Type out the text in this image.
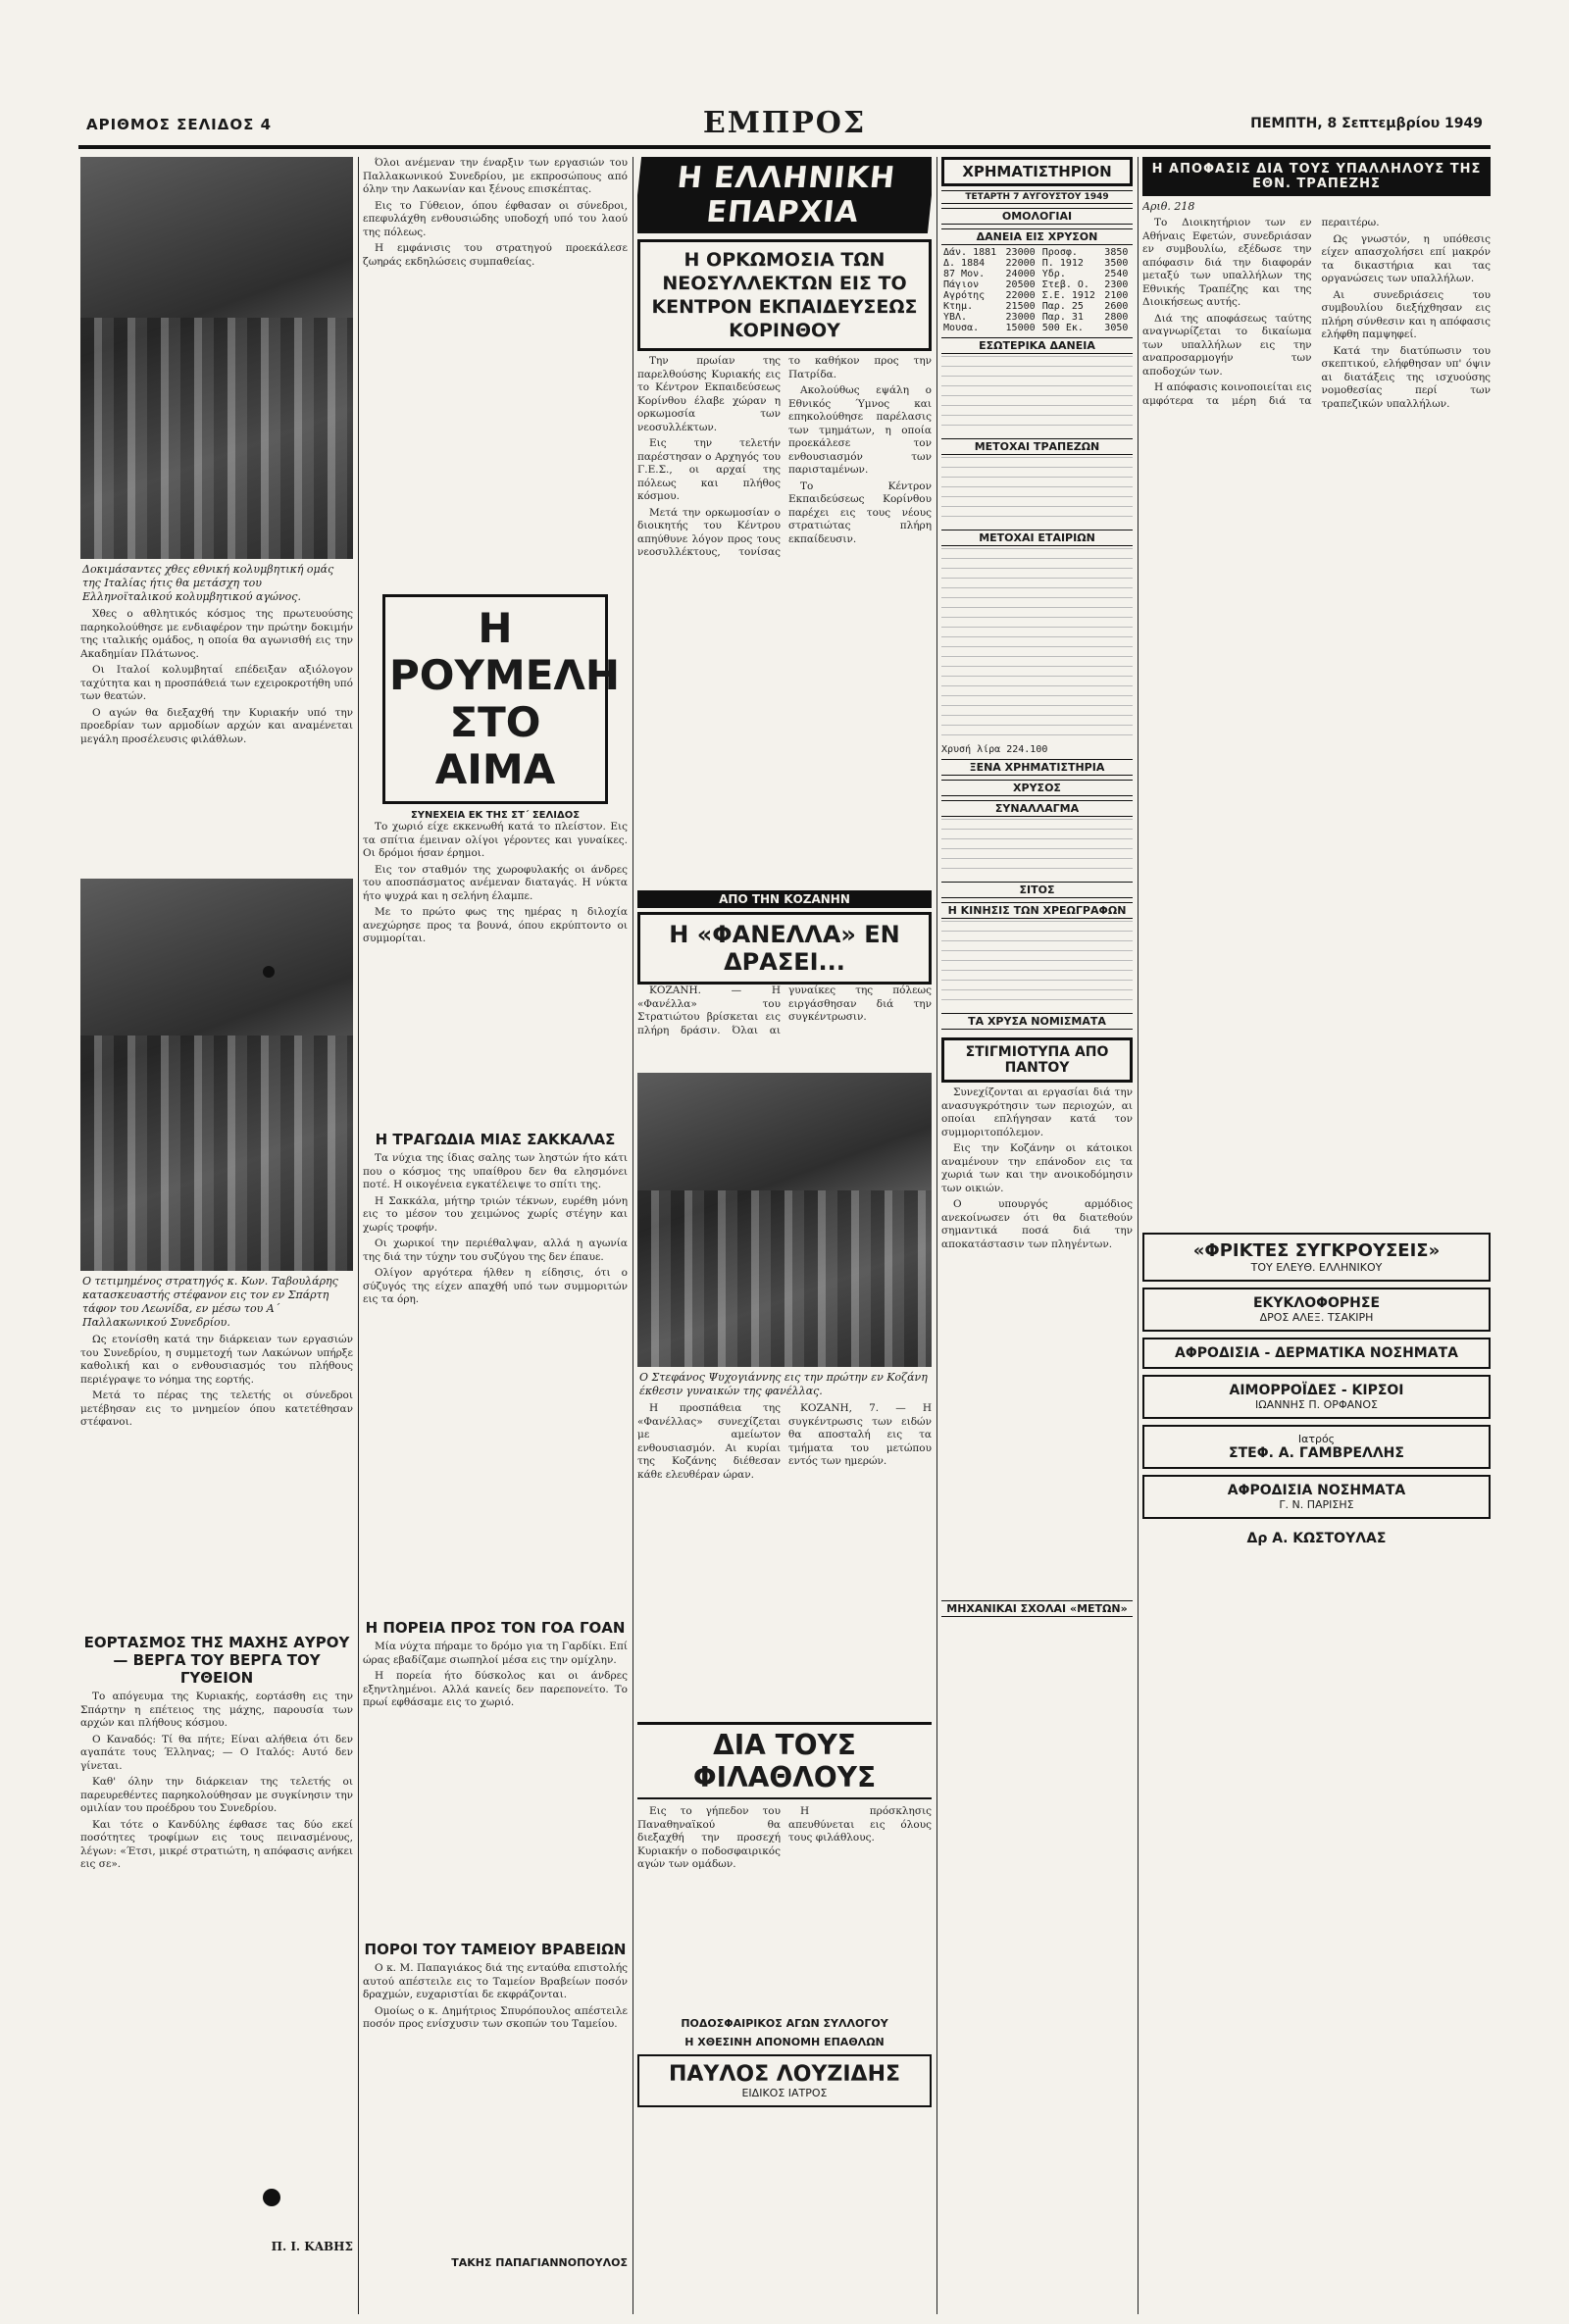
ΑΡΙΘΜΟΣ ΣΕΛΙΔΟΣ 4	ΕΜΠΡΟΣ	ΠΕΜΠΤΗ, 8 Σεπτεμβρίου 1949
Δοκιμάσαντες χθες εθνική κολυμβητική ομάς της Ιταλίας ήτις θα μετάσχη του Ελληνοϊταλικού κολυμβητικού αγώνος.

Χθες ο αθλητικός κόσμος της πρωτευούσης παρηκολούθησε με ενδιαφέρον την πρώτην δοκιμήν της ιταλικής ομάδος, η οποία θα αγωνισθή εις την Ακαδημίαν Πλάτωνος.

Οι Ιταλοί κολυμβηταί επέδειξαν αξιόλογον ταχύτητα και η προσπάθειά των εχειροκροτήθη υπό των θεατών.

Ο αγών θα διεξαχθή την Κυριακήν υπό την προεδρίαν των αρμοδίων αρχών και αναμένεται μεγάλη προσέλευσις φιλάθλων.

Ο τετιμημένος στρατηγός κ. Κων. Ταβουλάρης κατασκευαστής στέφανον εις τον εν Σπάρτη τάφον του Λεωνίδα, εν μέσω του Α΄ Παλλακωνικού Συνεδρίου.

Ως ετονίσθη κατά την διάρκειαν των εργασιών του Συνεδρίου, η συμμετοχή των Λακώνων υπήρξε καθολική και ο ενθουσιασμός του πλήθους περιέγραψε το νόημα της εορτής.

Μετά το πέρας της τελετής οι σύνεδροι μετέβησαν εις το μνημείον όπου κατετέθησαν στέφανοι.

ΕΟΡΤΑΣΜΟΣ ΤΗΣ ΜΑΧΗΣ ΑΥΡΟΥ — ΒΕΡΓΑ ΤΟΥ ΒΕΡΓΑ ΤΟΥ ΓΥΘΕΙΟΝ

Το απόγευμα της Κυριακής, εορτάσθη εις την Σπάρτην η επέτειος της μάχης, παρουσία των αρχών και πλήθους κόσμου.

Ο Καναδός: Τί θα πήτε; Είναι αλήθεια ότι δεν αγαπάτε τους Έλληνας; — Ο Ιταλός: Αυτό δεν γίνεται.

Καθ' όλην την διάρκειαν της τελετής οι παρευρεθέντες παρηκολούθησαν με συγκίνησιν την ομιλίαν του προέδρου του Συνεδρίου.

Και τότε ο Κανδύλης έφθασε τας δύο εκεί ποσότητες τροφίμων εις τους πεινασμένους, λέγων: «Έτσι, μικρέ στρατιώτη, η απόφασις ανήκει εις σε».

Π. Ι. ΚΑΒΗΣ

Όλοι ανέμεναν την έναρξιν των εργασιών του Παλλακωνικού Συνεδρίου, με εκπροσώπους από όλην την Λακωνίαν και ξένους επισκέπτας.

Εις το Γύθειον, όπου έφθασαν οι σύνεδροι, επεφυλάχθη ενθουσιώδης υποδοχή υπό του λαού της πόλεως.

Η εμφάνισις του στρατηγού προεκάλεσε ζωηράς εκδηλώσεις συμπαθείας.

Η ΡΟΥΜΕΛΗ ΣΤΟ ΑΙΜΑ
ΣΥΝΕΧΕΙΑ ΕΚ ΤΗΣ ΣΤ΄ ΣΕΛΙΔΟΣ

Το χωριό είχε εκκενωθή κατά το πλείστον. Εις τα σπίτια έμειναν ολίγοι γέροντες και γυναίκες. Οι δρόμοι ήσαν έρημοι.

Εις τον σταθμόν της χωροφυλακής οι άνδρες του αποσπάσματος ανέμεναν διαταγάς. Η νύκτα ήτο ψυχρά και η σελήνη έλαμπε.

Με το πρώτο φως της ημέρας η διλοχία ανεχώρησε προς τα βουνά, όπου εκρύπτοντο οι συμμορίται.

Η ΤΡΑΓΩΔΙΑ ΜΙΑΣ ΣΑΚΚΑΛΑΣ

Τα νύχια της ίδιας σαλης των ληστών ήτο κάτι που ο κόσμος της υπαίθρου δεν θα ελησμόνει ποτέ. Η οικογένεια εγκατέλειψε το σπίτι της.

Η Σακκάλα, μήτηρ τριών τέκνων, ευρέθη μόνη εις το μέσον του χειμώνος χωρίς στέγην και χωρίς τροφήν.

Οι χωρικοί την περιέθαλψαν, αλλά η αγωνία της διά την τύχην του συζύγου της δεν έπαυε.

Ολίγον αργότερα ήλθεν η είδησις, ότι ο σύζυγός της είχεν απαχθή υπό των συμμοριτών εις τα όρη.

Η ΠΟΡΕΙΑ ΠΡΟΣ ΤΟΝ ΓΟΑ ΓΟΑΝ

Μία νύχτα πήραμε το δρόμο για τη Γαρδίκι. Επί ώρας εβαδίζαμε σιωπηλοί μέσα εις την ομίχλην.

Η πορεία ήτο δύσκολος και οι άνδρες εξηντλημένοι. Αλλά κανείς δεν παρεπονείτο. Το πρωί εφθάσαμε εις το χωριό.

ΠΟΡΟΙ ΤΟΥ ΤΑΜΕΙΟΥ ΒΡΑΒΕΙΩΝ

Ο κ. Μ. Παπαγιάκος διά της ενταύθα επιστολής αυτού απέστειλε εις το Ταμείον Βραβείων ποσόν δραχμών, ευχαριστίαι δε εκφράζονται.

Ομοίως ο κ. Δημήτριος Σπυρόπουλος απέστειλε ποσόν προς ενίσχυσιν των σκοπών του Ταμείου.

ΤΑΚΗΣ ΠΑΠΑΓΙΑΝΝΟΠΟΥΛΟΣ
Η ΕΛΛΗΝΙΚΗ ΕΠΑΡΧΙΑ
Η ΟΡΚΩΜΟΣΙΑ ΤΩΝ ΝΕΟΣΥΛΛΕΚΤΩΝ ΕΙΣ ΤΟ ΚΕΝΤΡΟΝ ΕΚΠΑΙΔΕΥΣΕΩΣ ΚΟΡΙΝΘΟΥ

Την πρωίαν της παρελθούσης Κυριακής εις το Κέντρον Εκπαιδεύσεως Κορίνθου έλαβε χώραν η ορκωμοσία των νεοσυλλέκτων.

Εις την τελετήν παρέστησαν ο Αρχηγός του Γ.Ε.Σ., οι αρχαί της πόλεως και πλήθος κόσμου.

Μετά την ορκωμοσίαν ο διοικητής του Κέντρου απηύθυνε λόγον προς τους νεοσυλλέκτους, τονίσας το καθήκον προς την Πατρίδα.

Ακολούθως εψάλη ο Εθνικός Ύμνος και επηκολούθησε παρέλασις των τμημάτων, η οποία προεκάλεσε τον ενθουσιασμόν των παρισταμένων.

Το Κέντρον Εκπαιδεύσεως Κορίνθου παρέχει εις τους νέους στρατιώτας πλήρη εκπαίδευσιν.

ΑΠΟ ΤΗΝ ΚΟΖΑΝΗΝ
Η «ΦΑΝΕΛΛΑ» ΕΝ ΔΡΑΣΕΙ...

ΚΟΖΑΝΗ. — Η «Φανέλλα» του Στρατιώτου βρίσκεται εις πλήρη δράσιν. Όλαι αι γυναίκες της πόλεως ειργάσθησαν διά την συγκέντρωσιν.

Ο Στεφάνος Ψυχογιάννης εις την πρώτην εν Κοζάνη έκθεσιν γυναικών της φανέλλας.

Η προσπάθεια της «Φανέλλας» συνεχίζεται με αμείωτον ενθουσιασμόν. Αι κυρίαι της Κοζάνης διέθεσαν κάθε ελευθέραν ώραν.

ΚΟΖΑΝΗ, 7. — Η συγκέντρωσις των ειδών θα αποσταλή εις τα τμήματα του μετώπου εντός των ημερών.

ΔΙΑ ΤΟΥΣ ΦΙΛΑΘΛΟΥΣ

Εις το γήπεδον του Παναθηναϊκού θα διεξαχθή την προσεχή Κυριακήν ο ποδοσφαιρικός αγών των ομάδων.

Η πρόσκλησις απευθύνεται εις όλους τους φιλάθλους.

ΠΟΔΟΣΦΑΙΡΙΚΟΣ ΑΓΩΝ ΣΥΛΛΟΓΟΥ
Η ΧΘΕΣΙΝΗ ΑΠΟΝΟΜΗ ΕΠΑΘΛΩΝ
ΠΑΥΛΟΣ ΛΟΥΖΙΔΗΣ
ΕΙΔΙΚΟΣ ΙΑΤΡΟΣ
ΧΡΗΜΑΤΙΣΤΗΡΙΟΝ
ΤΕΤΑΡΤΗ 7 ΑΥΓΟΥΣΤΟΥ 1949
ΟΜΟΛΟΓΙΑΙ
ΔΑΝΕΙΑ ΕΙΣ ΧΡΥΣΟΝ
Δάν. 1881	23000	Προσφ.	3850
Δ. 1884	22000	Π. 1912	3500
87 Μον.	24000	Υδρ.	2540
Πάγιον	20500	Στεβ. Ο.	2300
Αγρότης	22000	Σ.Ε. 1912	2100
Κτημ.	21500	Παρ. 25	2600
ΥΒΛ.	23000	Παρ. 31	2800
Μουσα.	15000	500 Εκ.	3050
ΕΣΩΤΕΡΙΚΑ ΔΑΝΕΙΑ
ΜΕΤΟΧΑΙ ΤΡΑΠΕΖΩΝ
ΜΕΤΟΧΑΙ ΕΤΑΙΡΙΩΝ
Χρυσή λίρα 224.100
ΞΕΝΑ ΧΡΗΜΑΤΙΣΤΗΡΙΑ
ΧΡΥΣΟΣ
ΣΥΝΑΛΛΑΓΜΑ
ΣΙΤΟΣ
Η ΚΙΝΗΣΙΣ ΤΩΝ ΧΡΕΩΓΡΑΦΩΝ
ΤΑ ΧΡΥΣΑ ΝΟΜΙΣΜΑΤΑ
ΣΤΙΓΜΙΟΤΥΠΑ ΑΠΟ ΠΑΝΤΟΥ

Συνεχίζονται αι εργασίαι διά την ανασυγκρότησιν των περιοχών, αι οποίαι επλήγησαν κατά τον συμμοριτοπόλεμον.

Εις την Κοζάνην οι κάτοικοι αναμένουν την επάνοδον εις τα χωριά των και την ανοικοδόμησιν των οικιών.

Ο υπουργός αρμόδιος ανεκοίνωσεν ότι θα διατεθούν σημαντικά ποσά διά την αποκατάστασιν των πληγέντων.

ΜΗΧΑΝΙΚΑΙ ΣΧΟΛΑΙ «ΜΕΤΩΝ»
Η ΑΠΟΦΑΣΙΣ ΔΙΑ ΤΟΥΣ ΥΠΑΛΛΗΛΟΥΣ ΤΗΣ ΕΘΝ. ΤΡΑΠΕΖΗΣ
Αριθ. 218

Το Διοικητήριον των εν Αθήναις Εφετών, συνεδριάσαν εν συμβουλίω, εξέδωσε την απόφασιν διά την διαφοράν μεταξύ των υπαλλήλων της Εθνικής Τραπέζης και της Διοικήσεως αυτής.

Διά της αποφάσεως ταύτης αναγνωρίζεται το δικαίωμα των υπαλλήλων εις την αναπροσαρμογήν των αποδοχών των.

Η απόφασις κοινοποιείται εις αμφότερα τα μέρη διά τα περαιτέρω.

Ως γνωστόν, η υπόθεσις είχεν απασχολήσει επί μακρόν τα δικαστήρια και τας οργανώσεις των υπαλλήλων.

Αι συνεδριάσεις του συμβουλίου διεξήχθησαν εις πλήρη σύνθεσιν και η απόφασις ελήφθη παμψηφεί.

Κατά την διατύπωσιν του σκεπτικού, ελήφθησαν υπ' όψιν αι διατάξεις της ισχυούσης νομοθεσίας περί των τραπεζικών υπαλλήλων.

«ΦΡΙΚΤΕΣ ΣΥΓΚΡΟΥΣΕΙΣ»
ΤΟΥ ΕΛΕΥΘ. ΕΛΛΗΝΙΚΟΥ
ΕΚΥΚΛΟΦΟΡΗΣΕ
ΔΡΟΣ ΑΛΕΞ. ΤΣΑΚΙΡΗ
ΑΦΡΟΔΙΣΙΑ - ΔΕΡΜΑΤΙΚΑ ΝΟΣΗΜΑΤΑ
ΑΙΜΟΡΡΟΪΔΕΣ - ΚΙΡΣΟΙ
ΙΩΑΝΝΗΣ Π. ΟΡΦΑΝΟΣ
Ιατρός
ΣΤΕΦ. Α. ΓΑΜΒΡΕΛΛΗΣ
ΑΦΡΟΔΙΣΙΑ ΝΟΣΗΜΑΤΑ
Γ. Ν. ΠΑΡΙΣΗΣ
Δρ Α. ΚΩΣΤΟΥΛΑΣ
